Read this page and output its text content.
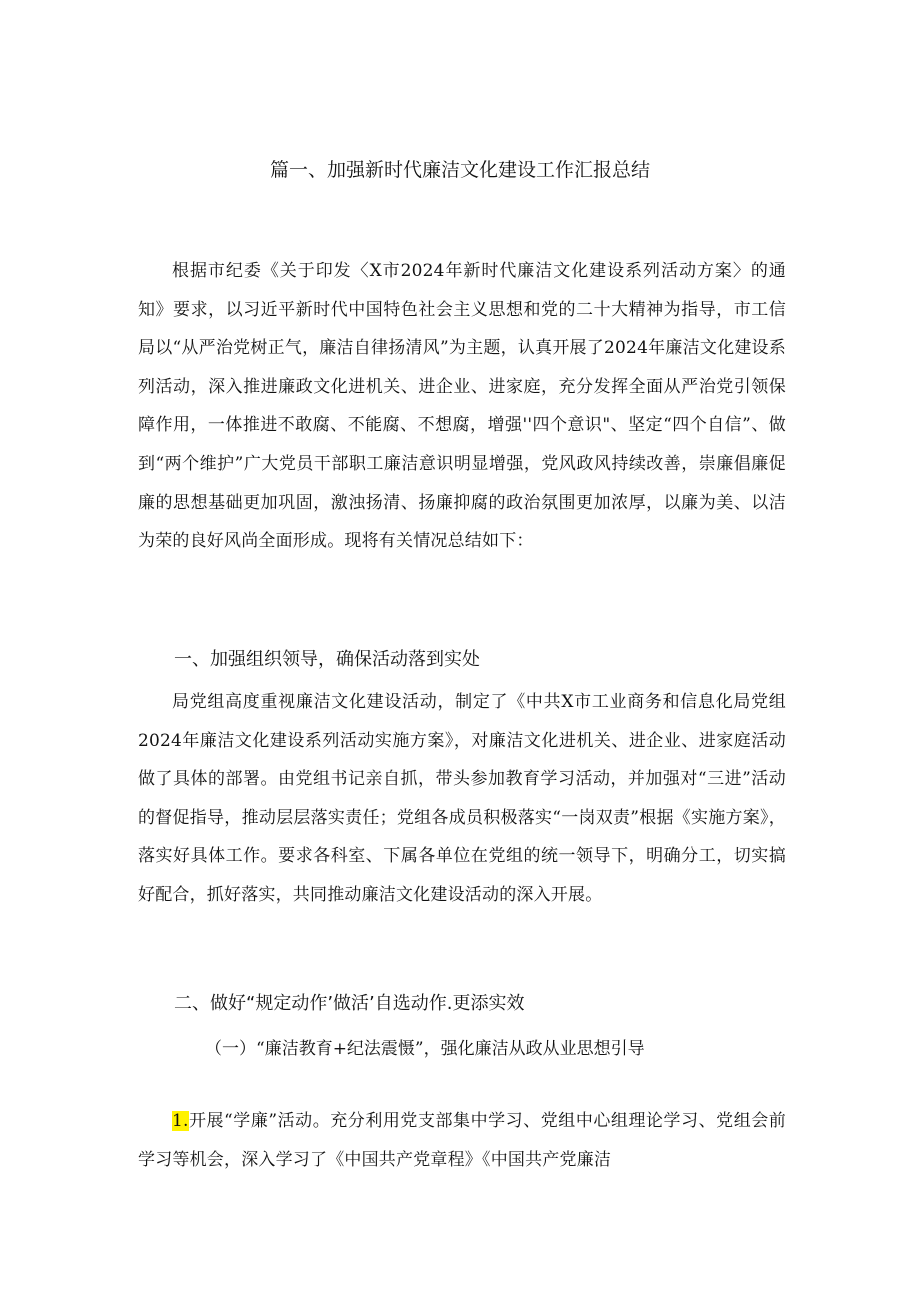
篇一、加强新时代廉洁文化建设工作汇报总结

根据市纪委《关于印发〈X市2024年新时代廉洁文化建设系列活动方案〉的通知》要求，以习近平新时代中国特色社会主义思想和党的二十大精神为指导，市工信局以“从严治党树正气，廉洁自律扬清风”为主题，认真开展了2024年廉洁文化建设系列活动，深入推进廉政文化进机关、进企业、进家庭，充分发挥全面从严治党引领保障作用，一体推进不敢腐、不能腐、不想腐，增强''四个意识"、坚定“四个自信”、做到“两个维护”广大党员干部职工廉洁意识明显增强，党风政风持续改善，崇廉倡廉促廉的思想基础更加巩固，激浊扬清、扬廉抑腐的政治氛围更加浓厚，以廉为美、以洁为荣的良好风尚全面形成。现将有关情况总结如下：

一、加强组织领导，确保活动落到实处

局党组高度重视廉洁文化建设活动，制定了《中共X市工业商务和信息化局党组2024年廉洁文化建设系列活动实施方案》，对廉洁文化进机关、进企业、进家庭活动做了具体的部署。由党组书记亲自抓，带头参加教育学习活动，并加强对“三进”活动的督促指导，推动层层落实责任；党组各成员积极落实“一岗双责”根据《实施方案》，落实好具体工作。要求各科室、下属各单位在党组的统一领导下，明确分工，切实搞好配合，抓好落实，共同推动廉洁文化建设活动的深入开展。

二、做好“规定动作’做活’自选动作.更添实效
（一）“廉洁教育+纪法震慑”，强化廉洁从政从业思想引导

1.开展“学廉”活动。充分利用党支部集中学习、党组中心组理论学习、党组会前学习等机会，深入学习了《中国共产党章程》《中国共产党廉洁
